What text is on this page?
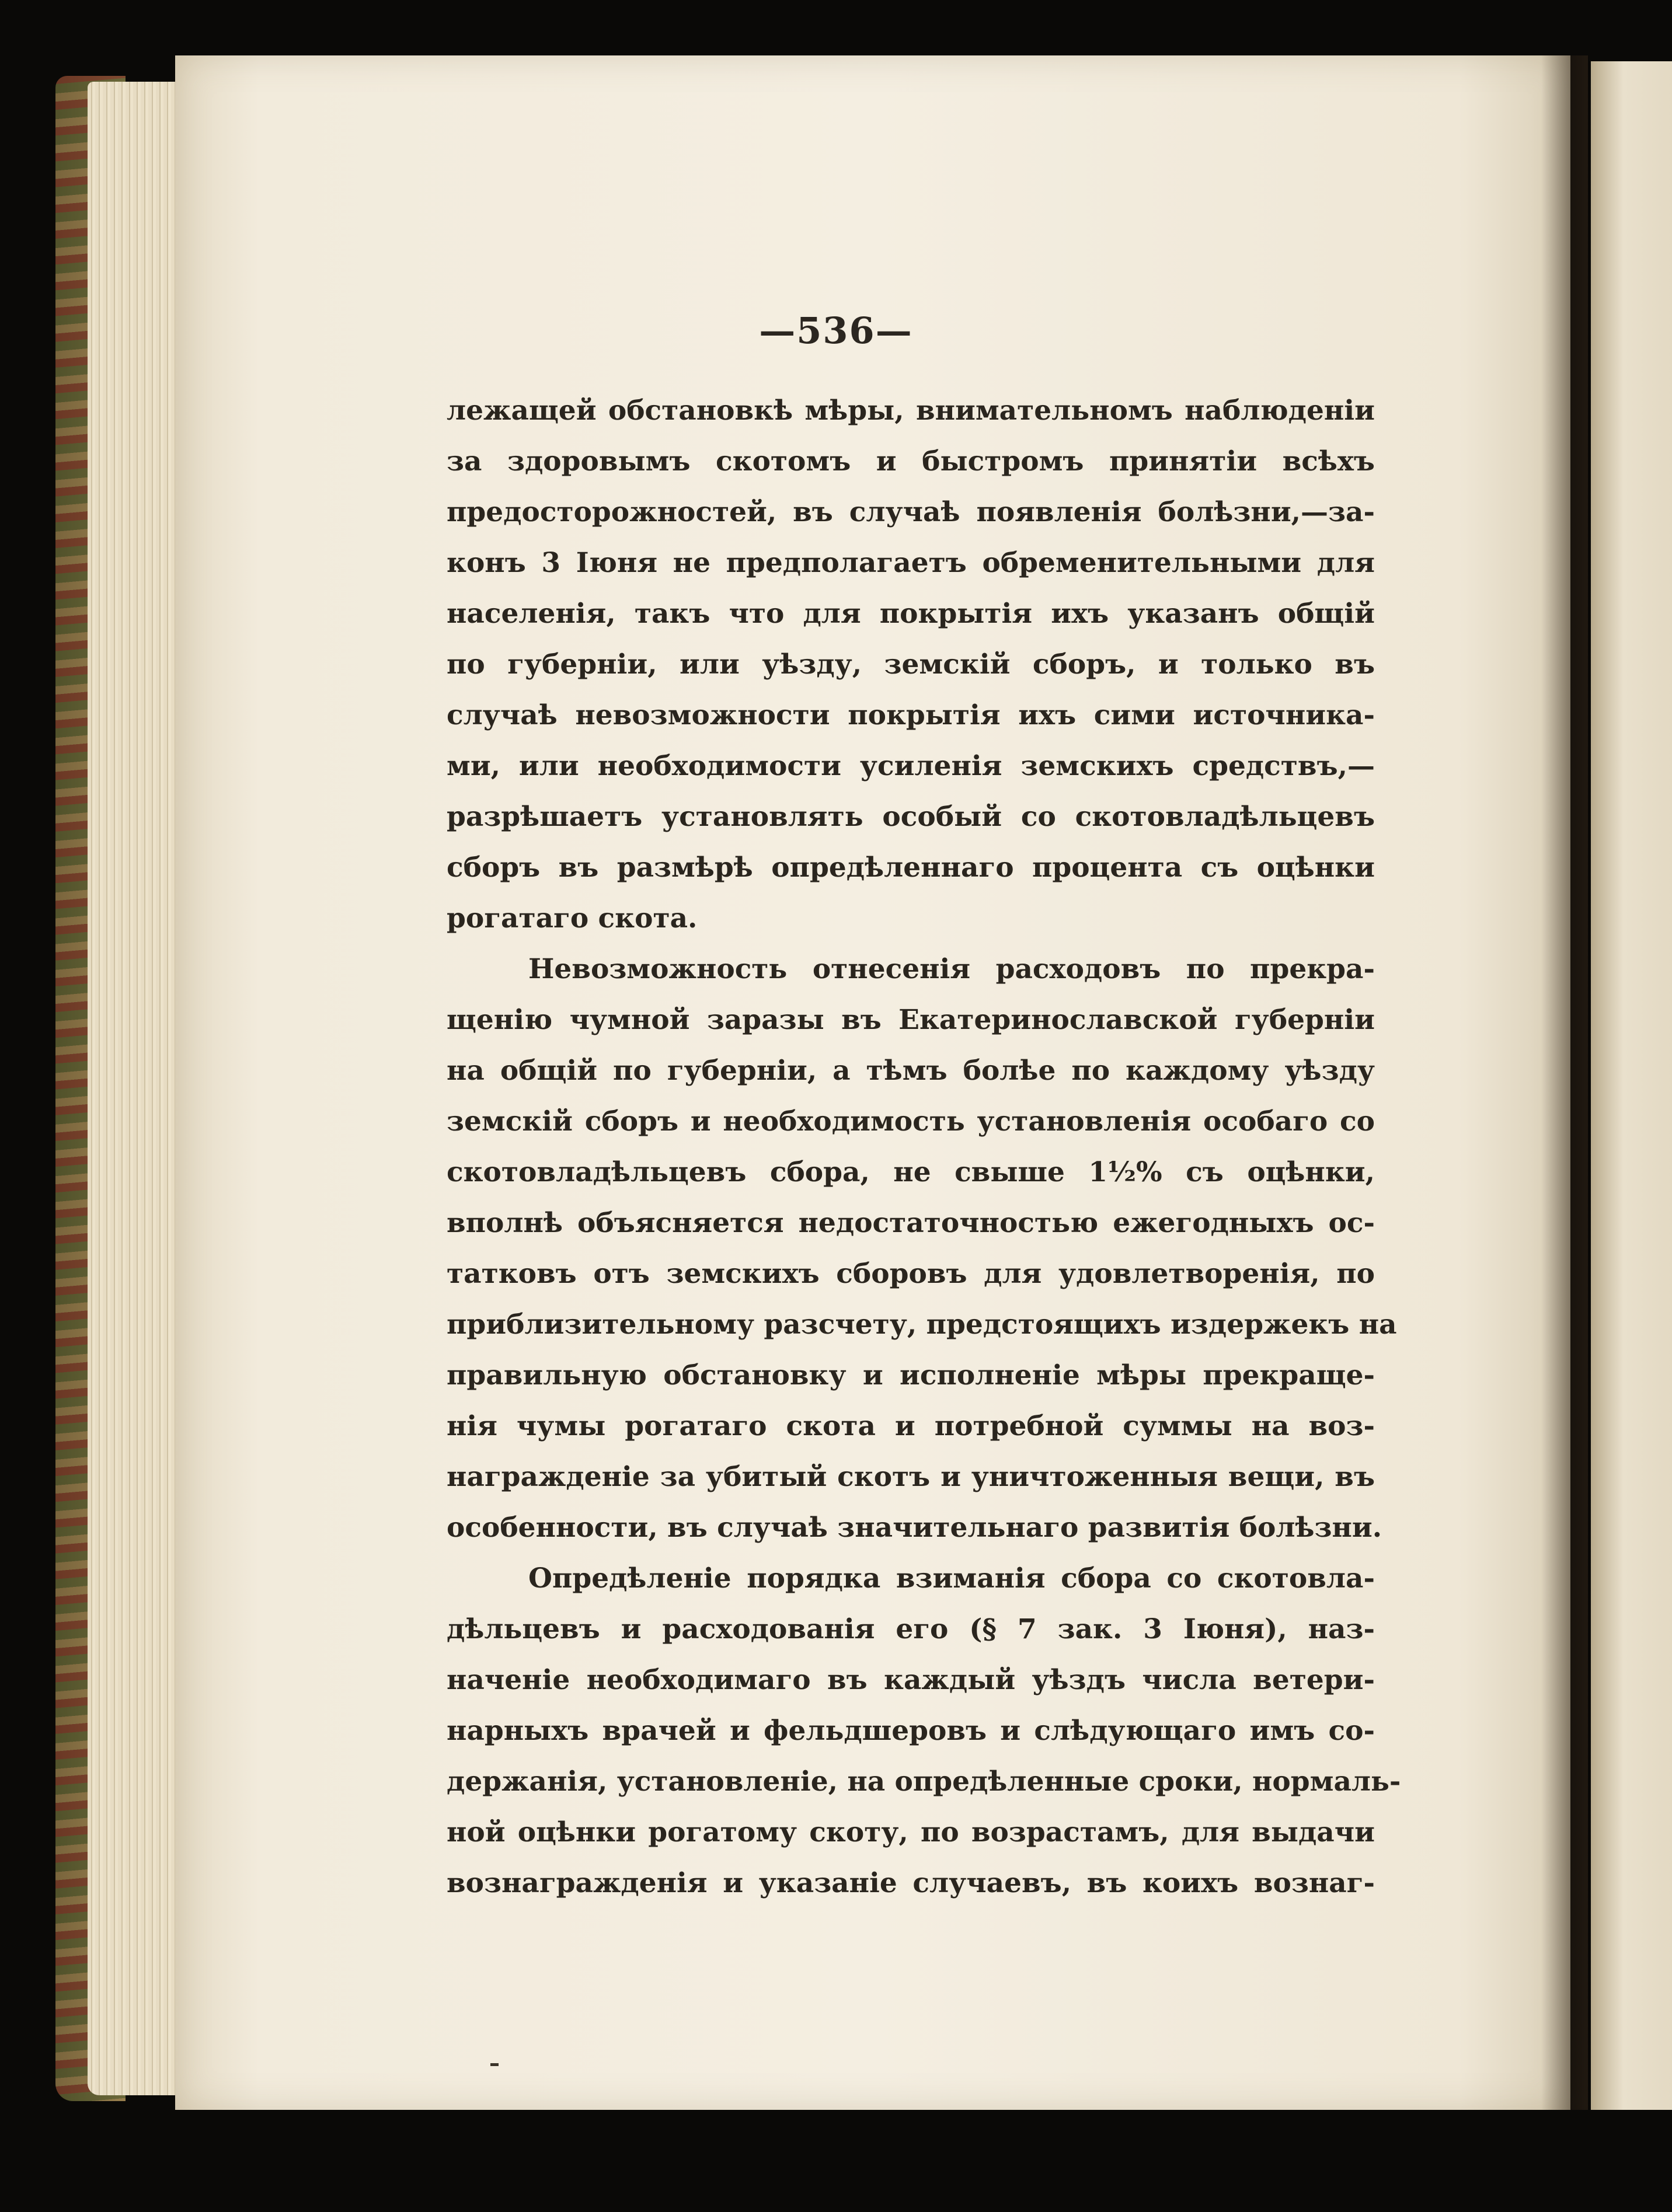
—536—
лежащей обстановкѣ мѣры, внимательномъ наблюденіи
за здоровымъ скотомъ и быстромъ принятіи всѣхъ
предосторожностей, въ случаѣ появленія болѣзни,—за-
конъ 3 Іюня не предполагаетъ обременительными для
населенія, такъ что для покрытія ихъ указанъ общій
по губерніи, или уѣзду, земскій сборъ, и только въ
случаѣ невозможности покрытія ихъ сими источника-
ми, или необходимости усиленія земскихъ средствъ,—
разрѣшаетъ установлять особый со скотовладѣльцевъ
сборъ въ размѣрѣ опредѣленнаго процента съ оцѣнки
рогатаго скота.
Невозможность отнесенія расходовъ по прекра-
щенію чумной заразы въ Екатеринославской губерніи
на общій по губерніи, а тѣмъ болѣе по каждому уѣзду
земскій сборъ и необходимость установленія особаго со
скотовладѣльцевъ сбора, не свыше 1½% съ оцѣнки,
вполнѣ объясняется недостаточностью ежегодныхъ ос-
татковъ отъ земскихъ сборовъ для удовлетворенія, по
приблизительному разсчету, предстоящихъ издержекъ на
правильную обстановку и исполненіе мѣры прекраще-
нія чумы рогатаго скота и потребной суммы на воз-
награжденіе за убитый скотъ и уничтоженныя вещи, въ
особенности, въ случаѣ значительнаго развитія болѣзни.
Опредѣленіе порядка взиманія сбора со скотовла-
дѣльцевъ и расходованія его (§ 7 зак. 3 Іюня), наз-
наченіе необходимаго въ каждый уѣздъ числа ветери-
нарныхъ врачей и фельдшеровъ и слѣдующаго имъ со-
держанія, установленіе, на опредѣленные сроки, нормаль-
ной оцѣнки рогатому скоту, по возрастамъ, для выдачи
вознагражденія и указаніе случаевъ, въ коихъ вознаг-
